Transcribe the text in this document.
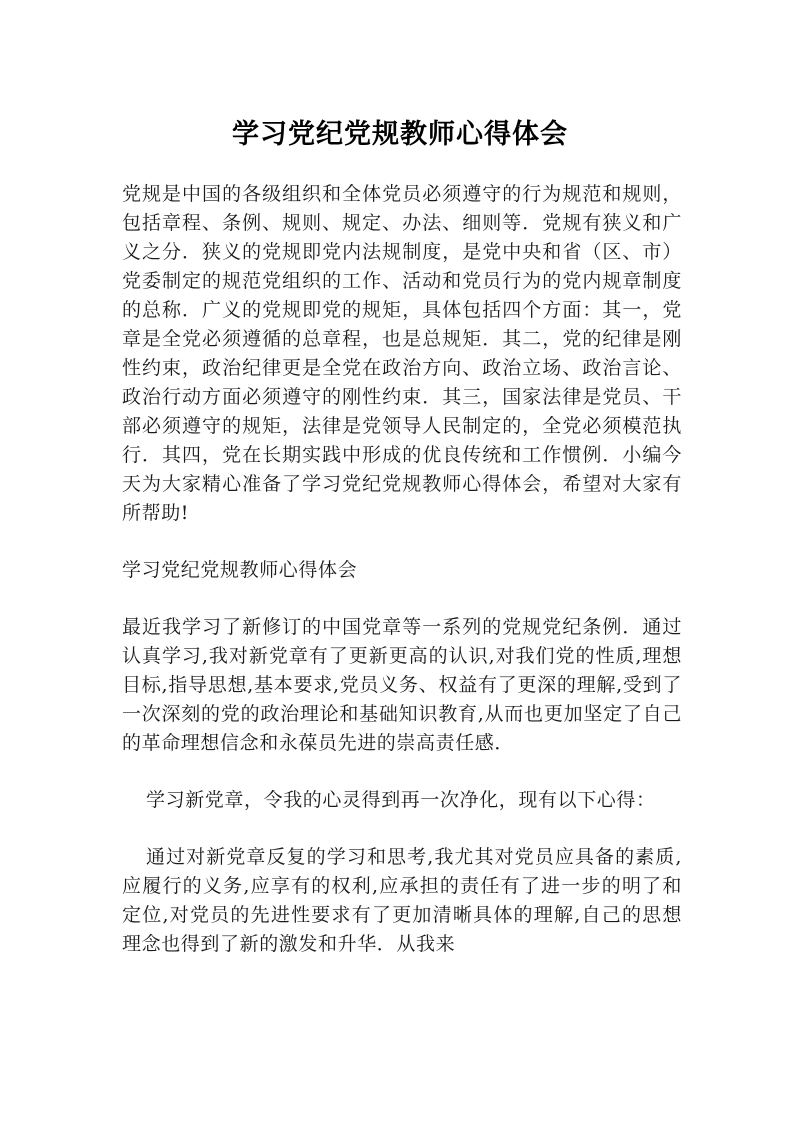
学习党纪党规教师心得体会

党规是中国的各级组织和全体党员必须遵守的行为规范和规则，包括章程、条例、规则、规定、办法、细则等．党规有狭义和广义之分．狭义的党规即党内法规制度，是党中央和省（区、市）党委制定的规范党组织的工作、活动和党员行为的党内规章制度的总称．广义的党规即党的规矩，具体包括四个方面：其一，党章是全党必须遵循的总章程，也是总规矩．其二，党的纪律是刚性约束，政治纪律更是全党在政治方向、政治立场、政治言论、政治行动方面必须遵守的刚性约束．其三，国家法律是党员、干部必须遵守的规矩，法律是党领导人民制定的，全党必须模范执行．其四，党在长期实践中形成的优良传统和工作惯例．小编今天为大家精心准备了学习党纪党规教师心得体会，希望对大家有所帮助!

学习党纪党规教师心得体会

最近我学习了新修订的中国党章等一系列的党规党纪条例．通过认真学习,我对新党章有了更新更高的认识,对我们党的性质,理想目标,指导思想,基本要求,党员义务、权益有了更深的理解,受到了一次深刻的党的政治理论和基础知识教育,从而也更加坚定了自己的革命理想信念和永葆员先进的崇高责任感．

学习新党章，令我的心灵得到再一次净化，现有以下心得：

通过对新党章反复的学习和思考,我尤其对党员应具备的素质,应履行的义务,应享有的权利,应承担的责任有了进一步的明了和定位,对党员的先进性要求有了更加清晰具体的理解,自己的思想理念也得到了新的激发和升华．从我来
